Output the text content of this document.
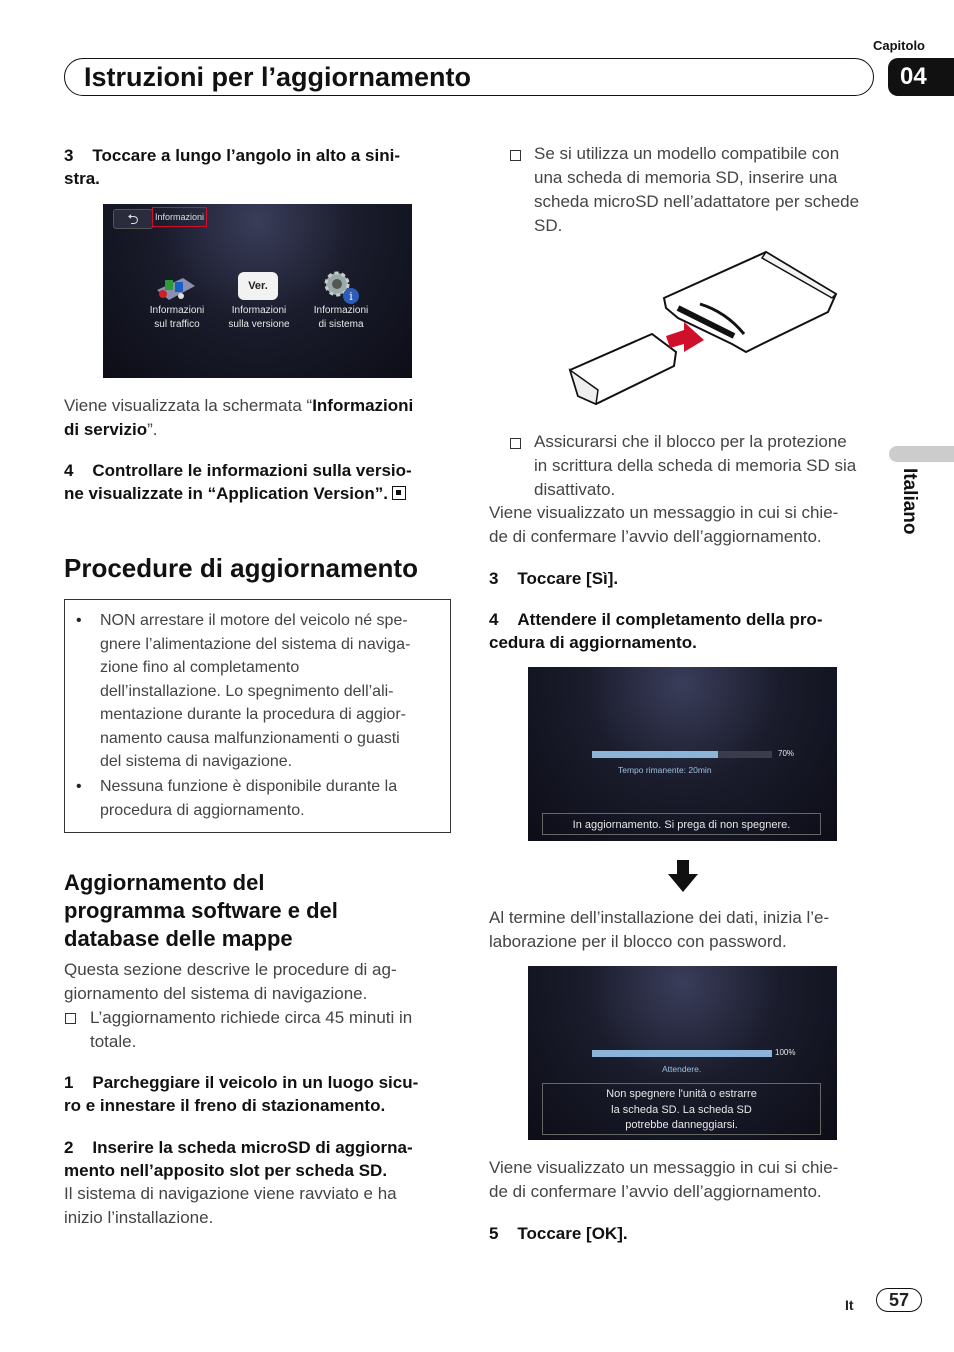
Capitolo
04
Istruzioni per l’aggiornamento
Italiano
3 Toccare a lungo l’angolo in alto a sini-
stra.
⮌	Informazioni
Ver.
i
Informazioni
sul traffico
Informazioni
sulla versione
Informazioni
di sistema
Viene visualizzata la schermata “Informazioni
di servizio”.
4 Controllare le informazioni sulla versio-
ne visualizzate in “Application Version”.
Procedure di aggiornamento
• NON arrestare il motore del veicolo né spe-
gnere l’alimentazione del sistema di naviga-
zione fino al completamento
dell’installazione. Lo spegnimento dell’ali-
mentazione durante la procedura di aggior-
namento causa malfunzionamenti o guasti
del sistema di navigazione.
• Nessuna funzione è disponibile durante la
procedura di aggiornamento.
Aggiornamento del
programma software e del
database delle mappe
Questa sezione descrive le procedure di ag-
giornamento del sistema di navigazione.
L’aggiornamento richiede circa 45 minuti in
totale.
1 Parcheggiare il veicolo in un luogo sicu-
ro e innestare il freno di stazionamento.
2 Inserire la scheda microSD di aggiorna-
mento nell’apposito slot per scheda SD.
Il sistema di navigazione viene ravviato e ha
inizio l’installazione.
Se si utilizza un modello compatibile con
una scheda di memoria SD, inserire una
scheda microSD nell’adattatore per schede
SD.
Assicurarsi che il blocco per la protezione
in scrittura della scheda di memoria SD sia
disattivato.
Viene visualizzato un messaggio in cui si chie-
de di confermare l’avvio dell’aggiornamento.
3 Toccare [Sì].
4 Attendere il completamento della pro-
cedura di aggiornamento.
70%
Tempo rimanente: 20min
In aggiornamento. Si prega di non spegnere.
Al termine dell’installazione dei dati, inizia l’e-
laborazione per il blocco con password.
100%
Attendere.
Non spegnere l'unità o estrarre
la scheda SD. La scheda SD
potrebbe danneggiarsi.
Viene visualizzato un messaggio in cui si chie-
de di confermare l’avvio dell’aggiornamento.
5 Toccare [OK].
It	57
